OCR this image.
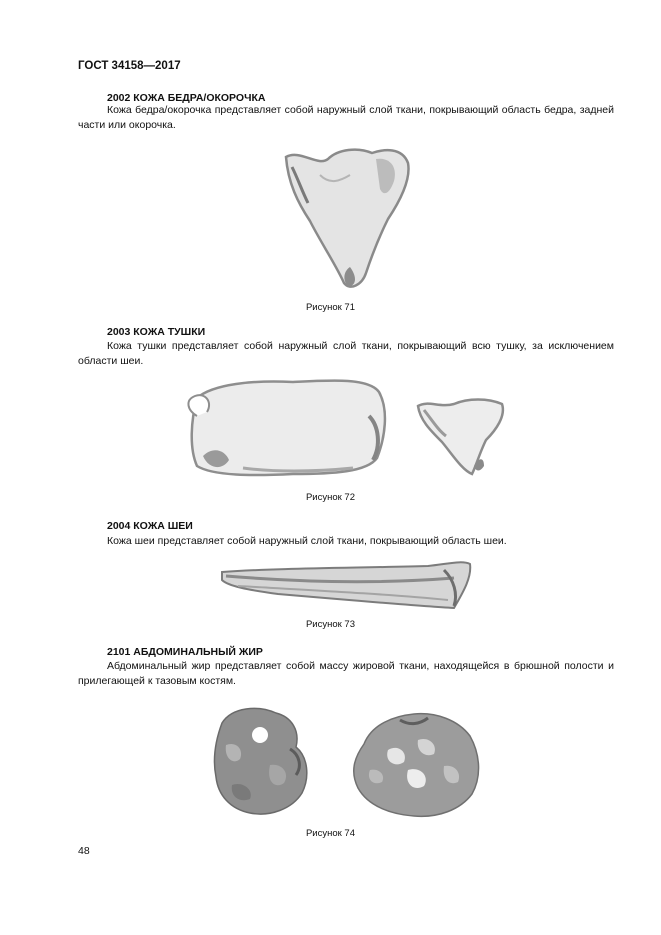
ГОСТ 34158—2017
2002 КОЖА БЕДРА/ОКОРОЧКА
Кожа бедра/окорочка представляет собой наружный слой ткани, покрывающий область бедра, задней части или окорочка.
Рисунок 71
2003 КОЖА ТУШКИ
Кожа тушки представляет собой наружный слой ткани, покрывающий всю тушку, за исключением области шеи.
Рисунок 72
2004 КОЖА ШЕИ
Кожа шеи представляет собой наружный слой ткани, покрывающий область шеи.
Рисунок 73
2101 АБДОМИНАЛЬНЫЙ ЖИР
Абдоминальный жир представляет собой массу жировой ткани, находящейся в брюшной полости и прилегающей к тазовым костям.
Рисунок 74
48
